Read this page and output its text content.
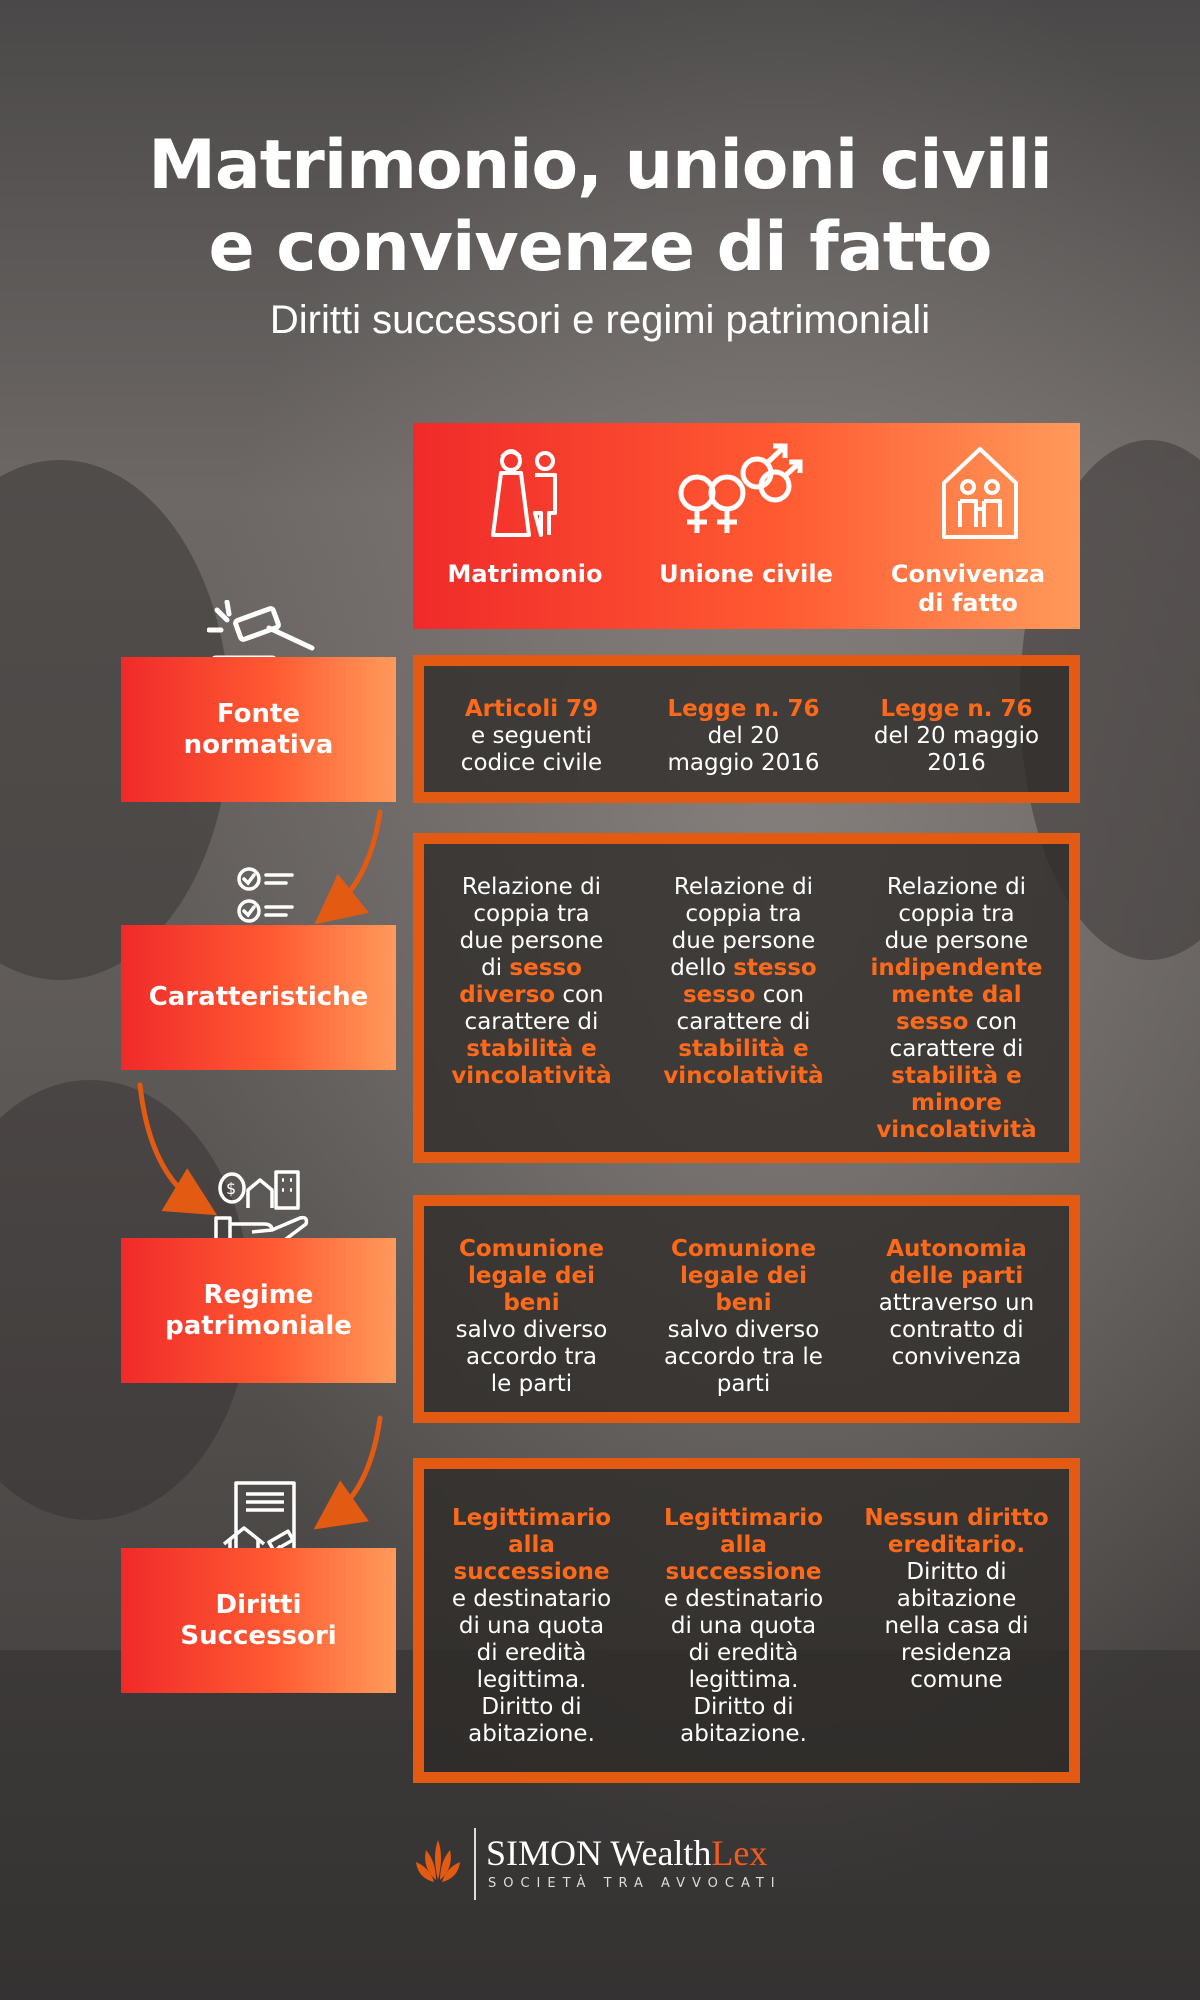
Matrimonio, unioni civili
e convivenze di fatto
Diritti successori e regimi patrimoniali
Matrimonio	Unione civile	Convivenza
di fatto
Fonte
normativa
Articoli 79
e seguenti
codice civile
Legge n. 76
del 20
maggio 2016
Legge n. 76
del 20 maggio
2016
Caratteristiche
Relazione di
coppia tra
due persone
di sesso
diverso con
carattere di
stabilità e
vincolatività
Relazione di
coppia tra
due persone
dello stesso
sesso con
carattere di
stabilità e
vincolatività
Relazione di
coppia tra
due persone
indipendente
mente dal
sesso con
carattere di
stabilità e
minore
vincolatività
$
Regime
patrimoniale
Comunione
legale dei
beni
salvo diverso
accordo tra
le parti
Comunione
legale dei
beni
salvo diverso
accordo tra le
parti
Autonomia
delle parti
attraverso un
contratto di
convivenza
Diritti
Successori
Legittimario
alla
successione
e destinatario
di una quota
di eredità
legittima.
Diritto di
abitazione.
Legittimario
alla
successione
e destinatario
di una quota
di eredità
legittima.
Diritto di
abitazione.
Nessun diritto
ereditario.
Diritto di
abitazione
nella casa di
residenza
comune
SIMON WealthLex
SOCIETÀ TRA AVVOCATI
